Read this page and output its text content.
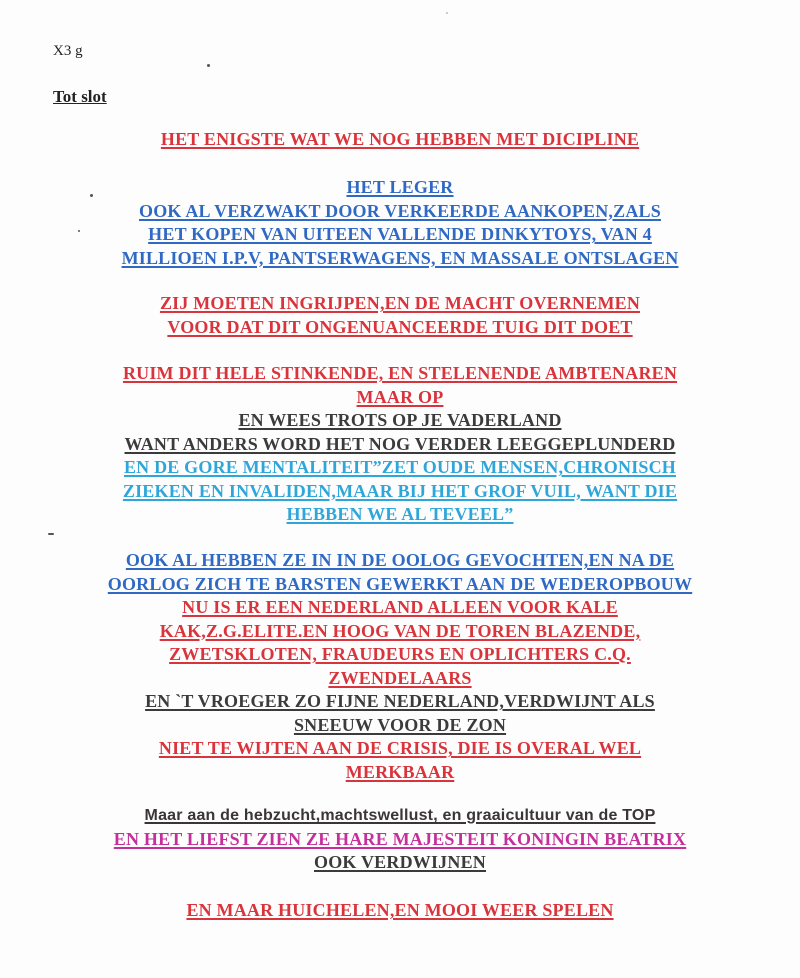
X3 g
Tot slot
HET ENIGSTE WAT WE NOG HEBBEN MET DICIPLINE
HET LEGER
OOK AL VERZWAKT DOOR VERKEERDE AANKOPEN,ZALS
HET KOPEN VAN UITEEN VALLENDE DINKYTOYS, VAN 4
MILLIOEN I.P.V, PANTSERWAGENS, EN MASSALE ONTSLAGEN
ZIJ MOETEN INGRIJPEN,EN DE MACHT OVERNEMEN
VOOR DAT DIT ONGENUANCEERDE TUIG DIT DOET
RUIM DIT HELE STINKENDE, EN STELENENDE AMBTENAREN
MAAR OP
EN WEES TROTS OP JE VADERLAND
WANT ANDERS WORD HET NOG VERDER LEEGGEPLUNDERD
EN DE GORE MENTALITEIT”ZET OUDE MENSEN,CHRONISCH
ZIEKEN EN INVALIDEN,MAAR BIJ HET GROF VUIL, WANT DIE
HEBBEN WE AL TEVEEL”
OOK AL HEBBEN ZE IN IN DE OOLOG GEVOCHTEN,EN NA DE
OORLOG ZICH TE BARSTEN GEWERKT AAN DE WEDEROPBOUW
NU IS ER EEN NEDERLAND ALLEEN VOOR KALE
KAK,Z.G.ELITE.EN HOOG VAN DE TOREN BLAZENDE,
ZWETSKLOTEN, FRAUDEURS EN OPLICHTERS C.Q.
ZWENDELAARS
EN `T VROEGER ZO FIJNE NEDERLAND,VERDWIJNT ALS
SNEEUW VOOR DE ZON
NIET TE WIJTEN AAN DE CRISIS, DIE IS OVERAL WEL
MERKBAAR
Maar aan de hebzucht,machtswellust, en graaicultuur van de TOP
EN HET LIEFST ZIEN ZE HARE MAJESTEIT KONINGIN BEATRIX
OOK VERDWIJNEN
EN MAAR HUICHELEN,EN MOOI WEER SPELEN
